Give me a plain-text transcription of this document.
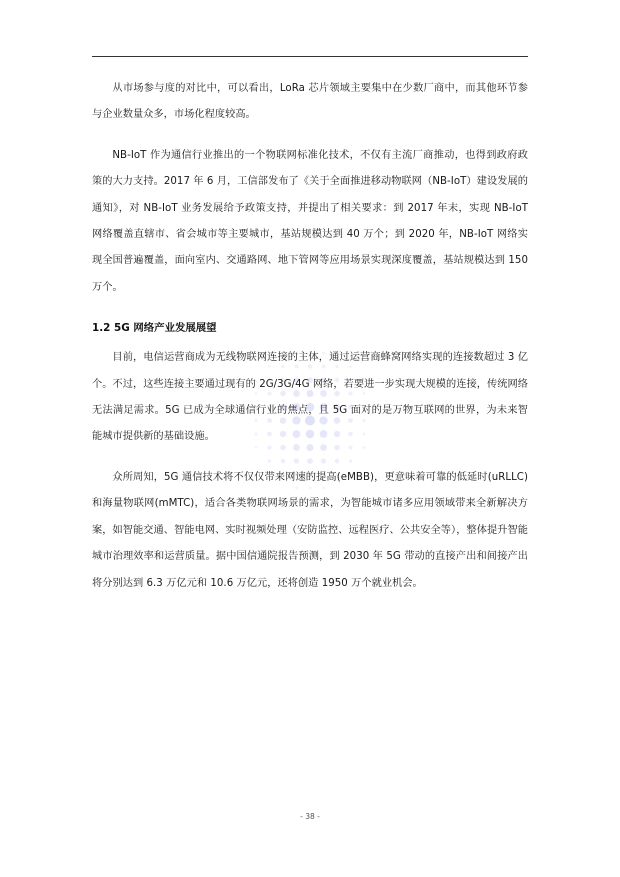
从市场参与度的对比中，可以看出，LoRa 芯片领域主要集中在少数厂商中，而其他环节参与企业数量众多，市场化程度较高。

NB-IoT 作为通信行业推出的一个物联网标准化技术，不仅有主流厂商推动，也得到政府政策的大力支持。2017 年 6 月，工信部发布了《关于全面推进移动物联网（NB-IoT）建设发展的通知》，对 NB-IoT 业务发展给予政策支持，并提出了相关要求：到 2017 年末，实现 NB-IoT 网络覆盖直辖市、省会城市等主要城市，基站规模达到 40 万个；到 2020 年，NB-IoT 网络实现全国普遍覆盖，面向室内、交通路网、地下管网等应用场景实现深度覆盖，基站规模达到 150 万个。

1.2 5G 网络产业发展展望

目前，电信运营商成为无线物联网连接的主体，通过运营商蜂窝网络实现的连接数超过 3 亿个。不过，这些连接主要通过现有的 2G/3G/4G 网络，若要进一步实现大规模的连接，传统网络无法满足需求。5G 已成为全球通信行业的焦点，且 5G 面对的是万物互联网的世界，为未来智能城市提供新的基础设施。

众所周知，5G 通信技术将不仅仅带来网速的提高(eMBB)，更意味着可靠的低延时(uRLLC)和海量物联网(mMTC)，适合各类物联网场景的需求，为智能城市诸多应用领域带来全新解决方案，如智能交通、智能电网、实时视频处理（安防监控、远程医疗、公共安全等），整体提升智能城市治理效率和运营质量。据中国信通院报告预测，到 2030 年 5G 带动的直接产出和间接产出将分别达到 6.3 万亿元和 10.6 万亿元，还将创造 1950 万个就业机会。

- 38 -
